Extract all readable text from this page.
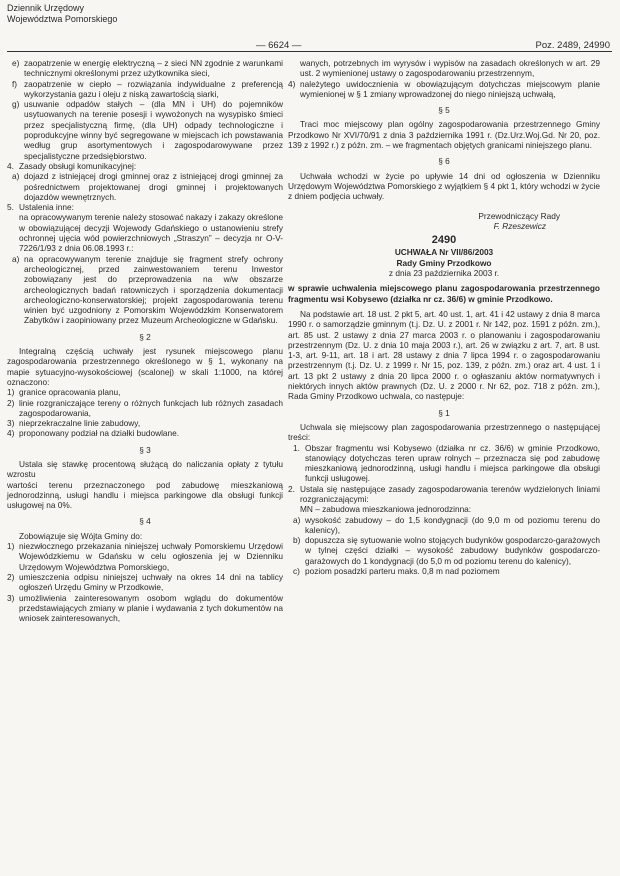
Dziennik Urzędowy
Województwa Pomorskiego
— 6624 —	Poz. 2489, 24990
e) zaopatrzenie w energię elektryczną – z sieci NN zgodnie z warunkami technicznymi określonymi przez użytkownika sieci,
f) zaopatrzenie w ciepło – rozwiązania indywidualne z preferencją wykorzystania gazu i oleju z niską zawartością siarki,
g) usuwanie odpadów stałych – (dla MN i UH) do pojemników usytuowanych na terenie posesji i wywożonych na wysypisko śmieci przez specjalistyczną firmę, (dla UH) odpady technologiczne i poprodukcyjne winny być segregowane w miejscach ich powstawania według grup asortymentowych i zagospodarowywane przez specjalistyczne przedsiębiorstwo.
4. Zasady obsługi komunikacyjnej:
a) dojazd z istniejącej drogi gminnej oraz z istniejącej drogi gminnej za pośrednictwem projektowanej drogi gminnej i projektowanych dojazdów wewnętrznych.
5. Ustalenia inne:

na opracowywanym terenie należy stosować nakazy i zakazy określone w obowiązującej decyzji Wojewody Gdańskiego o ustanowieniu strefy ochronnej ujęcia wód powierzchniowych „Straszyn” – decyzja nr O-V-7226/1/93 z dnia 06.08.1993 r.:

a) na opracowywanym terenie znajduje się fragment strefy ochrony archeologicznej, przed zainwestowaniem terenu Inwestor zobowiązany jest do przeprowadzenia na w/w obszarze archeologicznych badań ratowniczych i sporządzenia dokumentacji archeologiczno-konserwatorskiej; projekt zagospodarowania terenu winien być uzgodniony z Pomorskim Wojewódzkim Konserwatorem Zabytków i zaopiniowany przez Muzeum Archeologiczne w Gdańsku.
§ 2

Integralną częścią uchwały jest rysunek miejscowego planu zagospodarowania przestrzennego określonego w § 1, wykonany na mapie sytuacyjno-wysokościowej (scalonej) w skali 1:1000, na której oznaczono:

1) granice opracowania planu,
2) linie rozgraniczające tereny o różnych funkcjach lub różnych zasadach zagospodarowania,
3) nieprzekraczalne linie zabudowy,
4) proponowany podział na działki budowlane.
§ 3

Ustala się stawkę procentową służącą do naliczania opłaty z tytułu wzrostu

wartości terenu przeznaczonego pod zabudowę mieszkaniową jednorodzinną, usługi handlu i miejsca parkingowe dla obsługi funkcji usługowej na 0%.

§ 4

Zobowiązuje się Wójta Gminy do:

1) niezwłocznego przekazania niniejszej uchwały Pomorskiemu Urzędowi Wojewódzkiemu w Gdańsku w celu ogłoszenia jej w Dzienniku Urzędowym Województwa Pomorskiego,
2) umieszczenia odpisu niniejszej uchwały na okres 14 dni na tablicy ogłoszeń Urzędu Gminy w Przodkowie,
3) umożliwienia zainteresowanym osobom wglądu do dokumentów przedstawiających zmiany w planie i wydawania z tych dokumentów na wniosek zainteresowanych,

wanych, potrzebnych im wyrysów i wypisów na zasadach określonych w art. 29 ust. 2 wymienionej ustawy o zagospodarowaniu przestrzennym,

4) należytego uwidocznienia w obowiązującym dotychczas miejscowym planie wymienionej w § 1 zmiany wprowadzonej do niego niniejszą uchwałą,
§ 5

Traci moc miejscowy plan ogólny zagospodarowania przestrzennego Gminy Przodkowo Nr XVI/70/91 z dnia 3 października 1991 r. (Dz.Urz.Woj.Gd. Nr 20, poz. 139 z 1992 r.) z późn. zm. – we fragmentach objętych granicami niniejszego planu.

§ 6

Uchwała wchodzi w życie po upływie 14 dni od ogłoszenia w Dzienniku Urzędowym Województwa Pomorskiego z wyjątkiem § 4 pkt 1, który wchodzi w życie z dniem podjęcia uchwały.

Przewodniczący Rady
F. Rzeszewicz
2490
UCHWAŁA Nr VII/86/2003
Rady Gminy Przodkowo
z dnia 23 października 2003 r.

w sprawie uchwalenia miejscowego planu zagospodarowania przestrzennego fragmentu wsi Kobysewo (działka nr cz. 36/6) w gminie Przodkowo.

Na podstawie art. 18 ust. 2 pkt 5, art. 40 ust. 1, art. 41 i 42 ustawy z dnia 8 marca 1990 r. o samorządzie gminnym (t.j. Dz. U. z 2001 r. Nr 142, poz. 1591 z późn. zm.), art. 85 ust. 2 ustawy z dnia 27 marca 2003 r. o planowaniu i zagospodarowaniu przestrzennym (Dz. U. z dnia 10 maja 2003 r.), art. 26 w związku z art. 7, art. 8 ust. 1-3, art. 9-11, art. 18 i art. 28 ustawy z dnia 7 lipca 1994 r. o zagospodarowaniu przestrzennym (t.j. Dz. U. z 1999 r. Nr 15, poz. 139, z późn. zm.) oraz art. 4 ust. 1 i art. 13 pkt 2 ustawy z dnia 20 lipca 2000 r. o ogłaszaniu aktów normatywnych i niektórych innych aktów prawnych (Dz. U. z 2000 r. Nr 62, poz. 718 z późn. zm.), Rada Gminy Przodkowo uchwala, co następuje:

§ 1

Uchwala się miejscowy plan zagospodarowania przestrzennego o następującej treści:

1. Obszar fragmentu wsi Kobysewo (działka nr cz. 36/6) w gminie Przodkowo, stanowiący dotychczas teren upraw rolnych – przeznacza się pod zabudowę mieszkaniową jednorodzinną, usługi handlu i miejsca parkingowe dla obsługi funkcji usługowej.
2. Ustala się następujące zasady zagospodarowania terenów wydzielonych liniami rozgraniczającymi:

MN – zabudowa mieszkaniowa jednorodzinna:

a) wysokość zabudowy – do 1,5 kondygnacji (do 9,0 m od poziomu terenu do kalenicy),
b) dopuszcza się sytuowanie wolno stojących budynków gospodarczo-garażowych w tylnej części działki – wysokość zabudowy budynków gospodarczo-garażowych do 1 kondygnacji (do 5,0 m od poziomu terenu do kalenicy),
c) poziom posadzki parteru maks. 0,8 m nad poziomem
